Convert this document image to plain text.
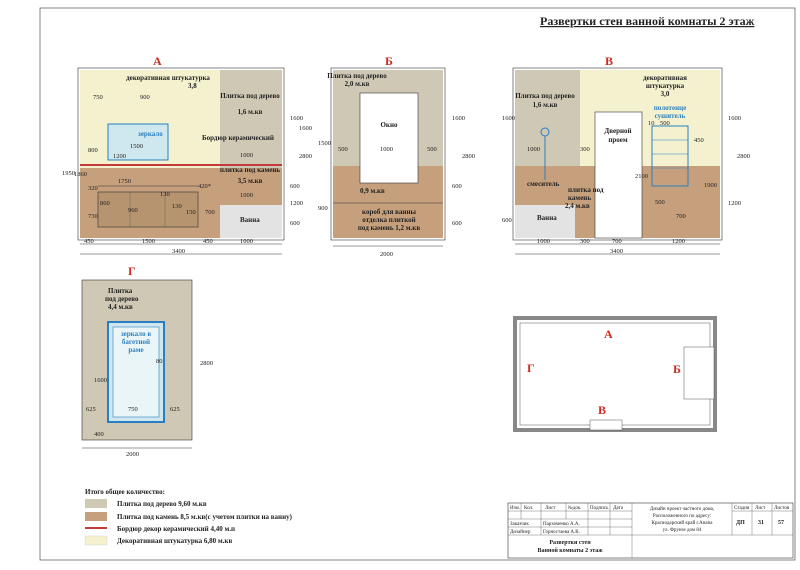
Развертки стен ванной комнаты 2 этаж
А
декоративная штукатурка
3,8
Плитка под дерево
1,6 м.кв
зеркало	Бордюр керамический
плитка под камень
3,5 м.кв
Ванна
420*
750	900
1500
1200	1000
1000
1750
860
960
130
130
150 700
800
320
730
1860
1950
450	1500	450	1000
3400
1600
1600
600
1200
2800
600
Б
Плитка под дерево
2,0 м.кв
Окно
500	1000	500
0,9 м.кв
короб для ванны
отделка плиткой
под камень 1,2 м.кв
1500
900
1600
600
2800
600
2000
В
Плитка под дерево
1,6 м.кв
декоративная
штукатурка
3,0
полотенце
сушитель
Дверной
проем
смеситель
плитка под
камень
2,4 м.кв
Ванна
1000	300
2100
10 500
450
500
700
1900
1000	300	700	1200
3400
1600
600
1600
1200
2800
Г
Плитка
под дерево
4,4 м.кв
зеркало в
багетной
раме
80
1600
400
625	750	625
2000
2800
А
Б
В
Г
Итого общее количество:
Плитка под дерево 9,60 м.кв
Плитка под камень 8,5 м.кв(с учетом плитки на ванну)
Бордюр декор керамический 4,40 м.п
Декоративная штукатурка 6,80 м.кв
Изм. Кол. Лист	№док. Подпись Дата
Заказчик	Пархоменко А.А.
Дизайнер	Горностаева А.В.
Дизайн проект частного дома,
Расположенного по адресу:
Краснодарский край г.Анапа
ул. Фрунзе дом 84
Стадия Лист Листов
ДП 31 57
Развертки стен
Ванной комнаты 2 этаж
